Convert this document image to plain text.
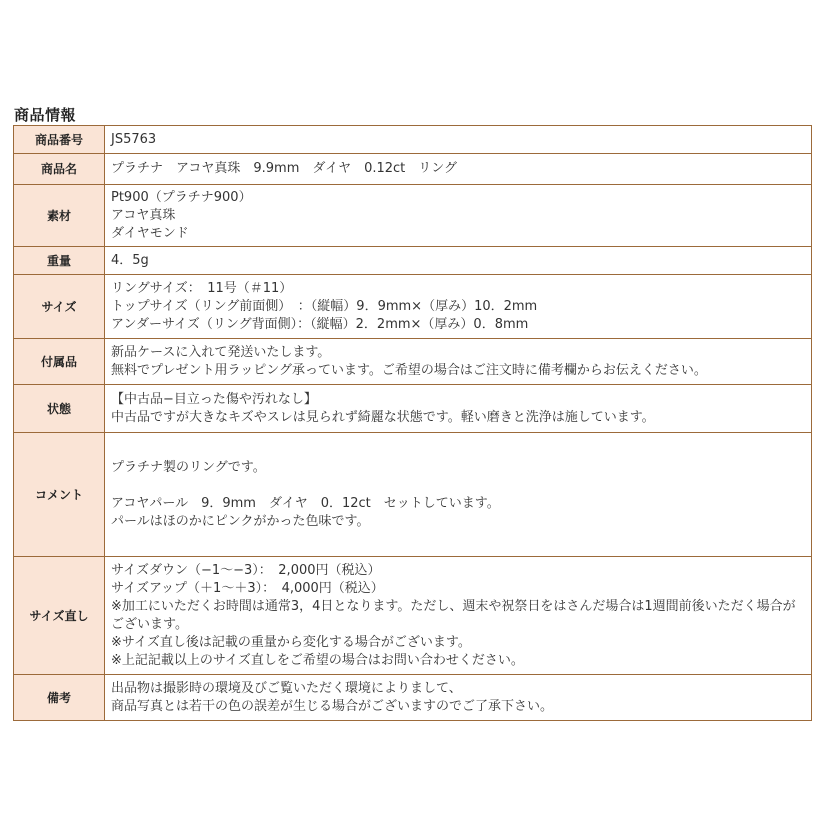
商品情報
商品番号	JS5763

商品名	プラチナ　アコヤ真珠　9.9mm　ダイヤ　0.12ct　リング

素材	Pt900（プラチナ900）
アコヤ真珠
ダイヤモンド

重量	4．5g

サイズ	リングサイズ：　11号（＃11）
トップサイズ（リング前面側）　：（縦幅）9．9mm×（厚み）10．2mm
アンダーサイズ（リング背面側）：（縦幅）2．2mm×（厚み）0．8mm

付属品	新品ケースに入れて発送いたします。
無料でプレゼント用ラッピング承っています。ご希望の場合はご注文時に備考欄からお伝えください。

状態	【中古品−目立った傷や汚れなし】
中古品ですが大きなキズやスレは見られず綺麗な状態です。軽い磨きと洗浄は施しています。

コメント	プラチナ製のリングです。
アコヤパール　9．9mm　ダイヤ　0．12ct　セットしています。
パールはほのかにピンクがかった色味です。

サイズ直し	サイズダウン（−1〜−3）：　2,000円（税込）
サイズアップ（＋1〜＋3）：　4,000円（税込）
※加工にいただくお時間は通常3，4日となります。ただし、週末や祝祭日をはさんだ場合は1週間前後いただく場合がございます。
※サイズ直し後は記載の重量から変化する場合がございます。
※上記記載以上のサイズ直しをご希望の場合はお問い合わせください。

備考	出品物は撮影時の環境及びご覧いただく環境によりまして、
商品写真とは若干の色の誤差が生じる場合がございますのでご了承下さい。
